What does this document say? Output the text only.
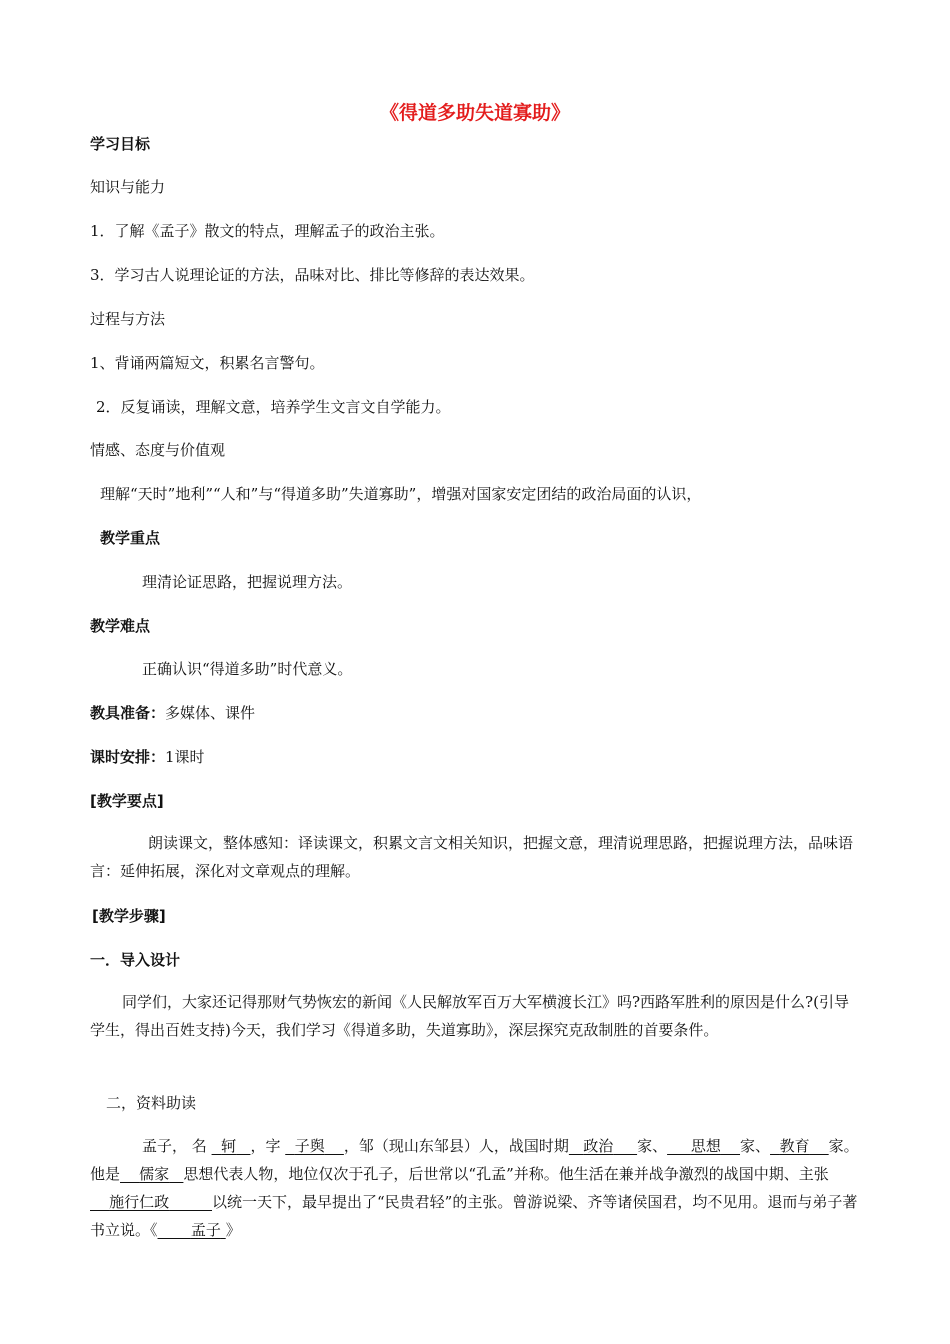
《得道多助失道寡助》
学习目标
知识与能力
1．了解《孟子》散文的特点，理解孟子的政治主张。
3．学习古人说理论证的方法，品味对比、排比等修辞的表达效果。
过程与方法
1、背诵两篇短文，积累名言警句。
2．反复诵读，理解文意，培养学生文言文自学能力。
情感、态度与价值观
理解“天时”地利”“人和”与“得道多助”失道寡助”，增强对国家安定团结的政治局面的认识，
教学重点
理清论证思路，把握说理方法。
教学难点
正确认识“得道多助”时代意义。
教具准备：多媒体、课件
课时安排：1课时
[教学要点]
朗读课文，整体感知：译读课文，积累文言文相关知识，把握文意，理清说理思路，把握说理方法，品味语言：延伸拓展，深化对文章观点的理解。
[教学步骤]
一．导入设计
同学们，大家还记得那财气势恢宏的新闻《人民解放军百万大军横渡长江》吗?西路军胜利的原因是什么?(引导学生，得出百姓支持)今天，我们学习《得道多助，失道寡助》，深层探究克敌制胜的首要条件。
二，资料助读
孟子， 名 轲 ，字 子舆 ，邹（现山东邹县）人，战国时期 政治 家、 思想 家、 教育 家。 他是 儒家 思想代表人物，地位仅次于孔子，后世常以“孔孟”并称。他生活在兼并战争激烈的战国中期、主张    施行仁政	以统一天下，最早提出了“民贵君轻”的主张。曾游说梁、齐等诸侯国君，均不见用。退而与弟子著书立说。《 孟子 》
